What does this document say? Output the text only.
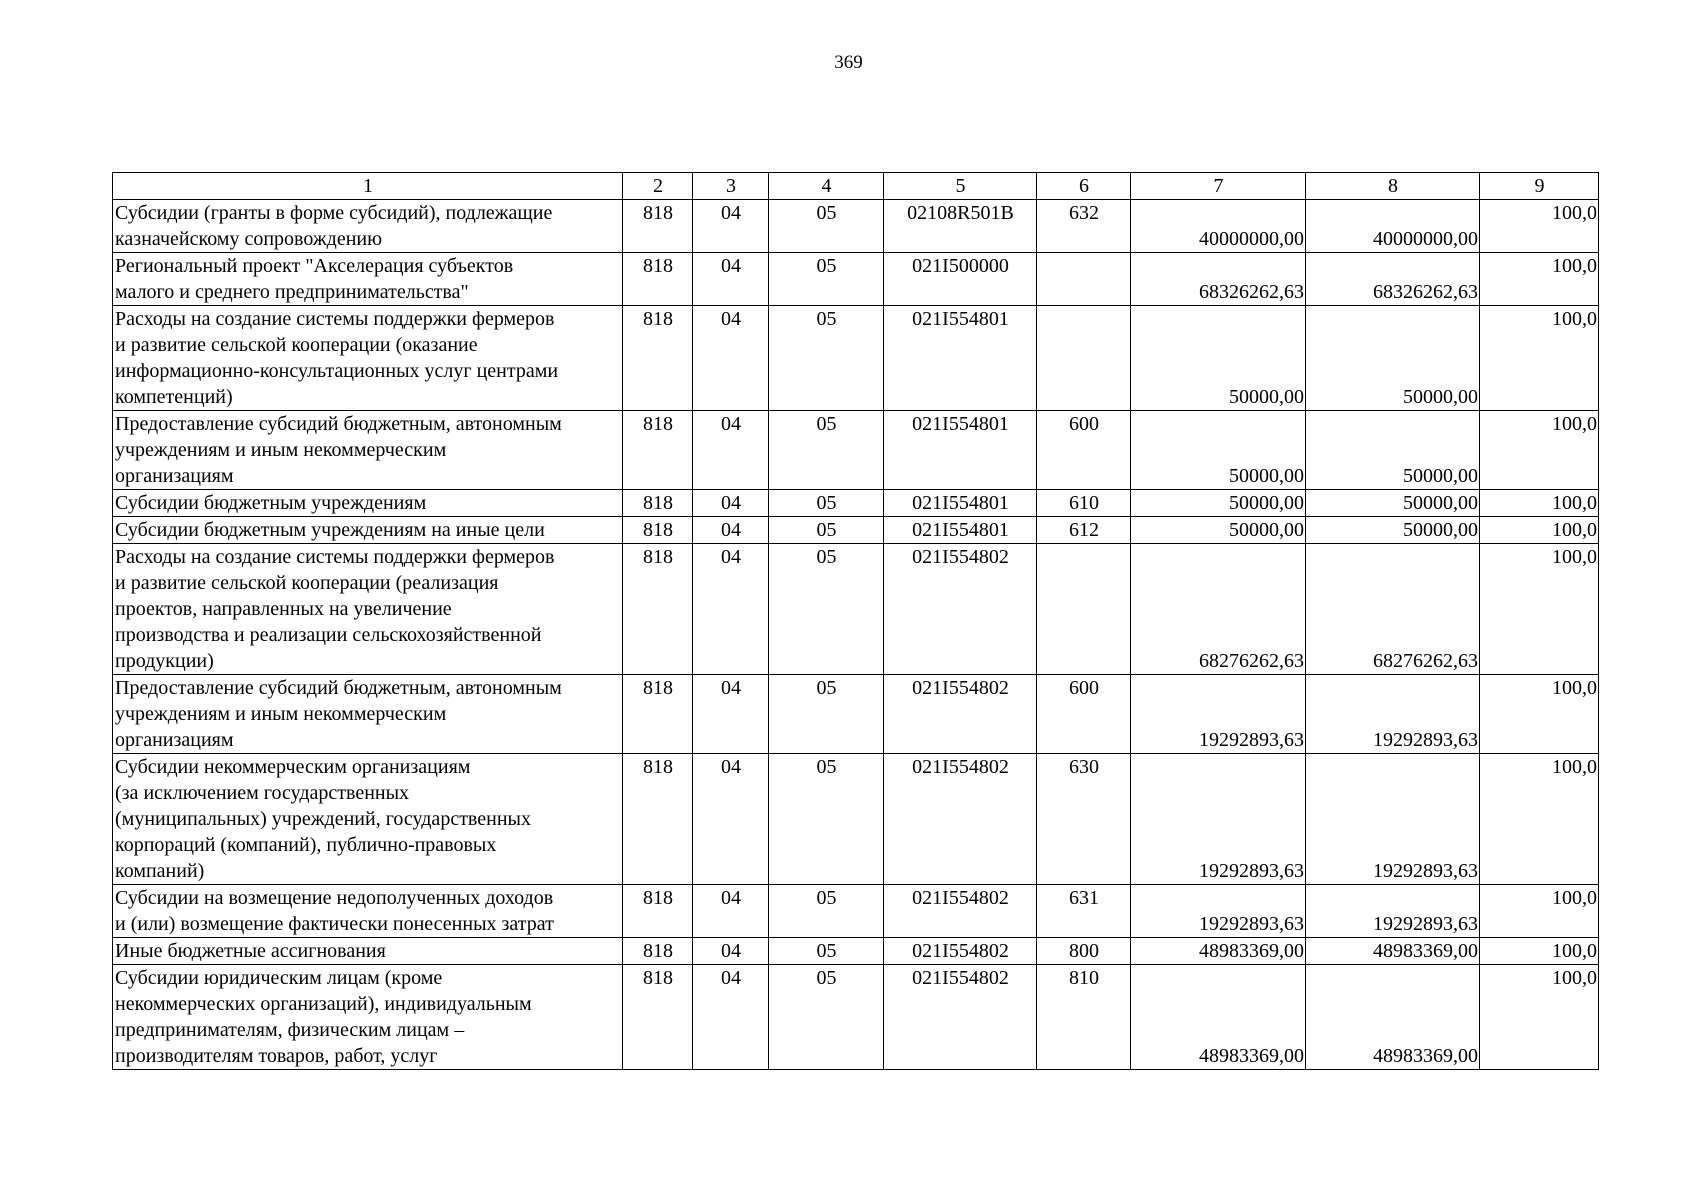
369
1	2	3	4	5	6	7	8	9
Субсидии (гранты в форме субсидий), подлежащие
казначейскому сопровождению	818	04	05	02108R501B	632	40000000,00	40000000,00	100,0
Региональный проект "Акселерация субъектов
малого и среднего предпринимательства"	818	04	05	021I500000		68326262,63	68326262,63	100,0
Расходы на создание системы поддержки фермеров
и развитие сельской кооперации (оказание
информационно-консультационных услуг центрами
компетенций)	818	04	05	021I554801		50000,00	50000,00	100,0
Предоставление субсидий бюджетным, автономным
учреждениям и иным некоммерческим
организациям	818	04	05	021I554801	600	50000,00	50000,00	100,0
Субсидии бюджетным учреждениям	818	04	05	021I554801	610	50000,00	50000,00	100,0
Субсидии бюджетным учреждениям на иные цели	818	04	05	021I554801	612	50000,00	50000,00	100,0
Расходы на создание системы поддержки фермеров
и развитие сельской кооперации (реализация
проектов, направленных на увеличение
производства и реализации сельскохозяйственной
продукции)	818	04	05	021I554802		68276262,63	68276262,63	100,0
Предоставление субсидий бюджетным, автономным
учреждениям и иным некоммерческим
организациям	818	04	05	021I554802	600	19292893,63	19292893,63	100,0
Субсидии некоммерческим организациям
(за исключением государственных
(муниципальных) учреждений, государственных
корпораций (компаний), публично-правовых
компаний)	818	04	05	021I554802	630	19292893,63	19292893,63	100,0
Субсидии на возмещение недополученных доходов
и (или) возмещение фактически понесенных затрат	818	04	05	021I554802	631	19292893,63	19292893,63	100,0
Иные бюджетные ассигнования	818	04	05	021I554802	800	48983369,00	48983369,00	100,0
Субсидии юридическим лицам (кроме
некоммерческих организаций), индивидуальным
предпринимателям, физическим лицам –
производителям товаров, работ, услуг	818	04	05	021I554802	810	48983369,00	48983369,00	100,0
